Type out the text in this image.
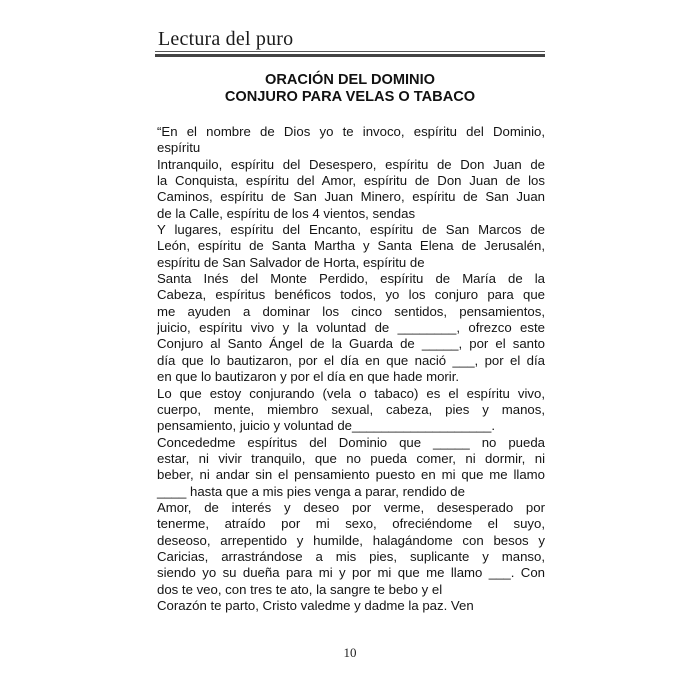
Lectura del puro
ORACIÓN DEL DOMINIO
CONJURO PARA VELAS O TABACO
“En el nombre de Dios yo te invoco, espíritu del Dominio,
espíritu
Intranquilo, espíritu del Desespero, espíritu de Don Juan de
la Conquista, espíritu del Amor, espíritu de Don Juan de los
Caminos, espíritu de San Juan Minero, espíritu de San Juan
de la Calle, espíritu de los 4 vientos, sendas
Y lugares, espíritu del Encanto, espíritu de San Marcos de
León, espíritu de Santa Martha y Santa Elena de Jerusalén,
espíritu de San Salvador de Horta, espíritu de
Santa Inés del Monte Perdido, espíritu de María de la
Cabeza, espíritus benéficos todos, yo los conjuro para que
me ayuden a dominar los cinco sentidos, pensamientos,
juicio, espíritu vivo y la voluntad de ________, ofrezco este
Conjuro al Santo Ángel de la Guarda de _____, por el santo
día que lo bautizaron, por el día en que nació ___, por el día
en que lo bautizaron y por el día en que hade morir.
Lo que estoy conjurando (vela o tabaco) es el espíritu vivo,
cuerpo, mente, miembro sexual, cabeza, pies y manos,
pensamiento, juicio y voluntad de___________________.
Concededme espíritus del Dominio que _____ no pueda
estar, ni vivir tranquilo, que no pueda comer, ni dormir, ni
beber, ni andar sin el pensamiento puesto en mi que me llamo
____ hasta que a mis pies venga a parar, rendido de
Amor, de interés y deseo por verme, desesperado por
tenerme, atraído por mi sexo, ofreciéndome el suyo,
deseoso, arrepentido y humilde, halagándome con besos y
Caricias, arrastrándose a mis pies, suplicante y manso,
siendo yo su dueña para mi y por mi que me llamo ___. Con
dos te veo, con tres te ato, la sangre te bebo y el
Corazón te parto, Cristo valedme y dadme la paz. Ven
10
